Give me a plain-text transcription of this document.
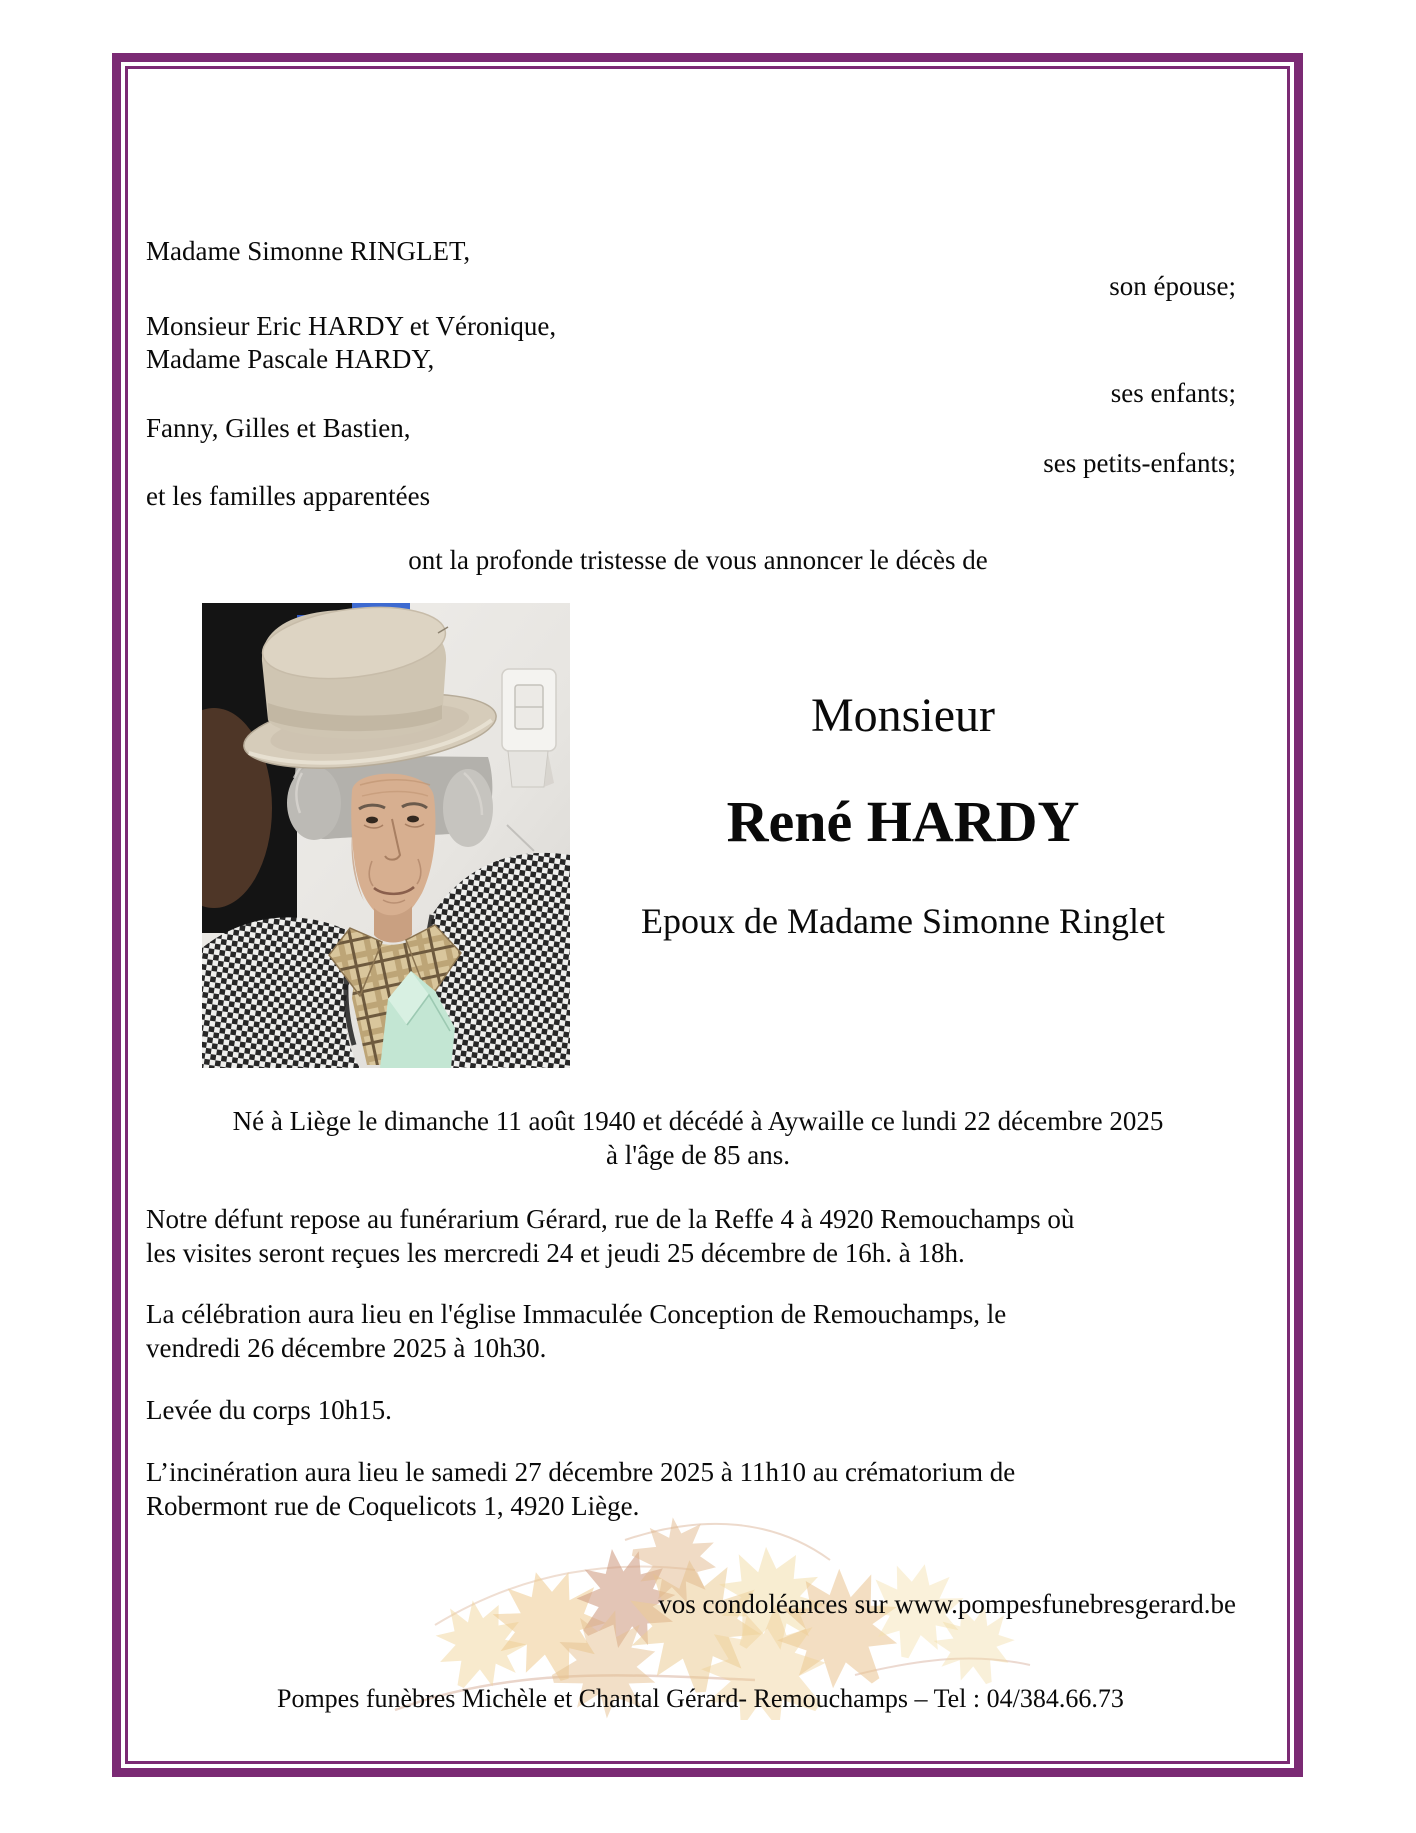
Madame Simonne RINGLET,
son épouse;
Monsieur Eric HARDY et Véronique,
Madame Pascale HARDY,
ses enfants;
Fanny, Gilles et Bastien,
ses petits-enfants;
et les familles apparentées
ont la profonde tristesse de vous annoncer le décès de
Monsieur
René HARDY
Epoux de Madame Simonne Ringlet
Né à Liège le dimanche 11 août 1940 et décédé à Aywaille ce lundi 22 décembre 2025
à l'âge de 85 ans.
Notre défunt repose au funérarium Gérard, rue de la Reffe 4 à 4920 Remouchamps où
les visites seront reçues les mercredi 24 et jeudi 25 décembre de 16h. à 18h.
La célébration aura lieu en l'église Immaculée Conception de Remouchamps, le
vendredi 26 décembre 2025 à 10h30.
Levée du corps 10h15.
L’incinération aura lieu le samedi 27 décembre 2025 à 11h10 au crématorium de
Robermont rue de Coquelicots 1, 4920 Liège.
vos condoléances sur www.pompesfunebresgerard.be
Pompes funèbres Michèle et Chantal Gérard- Remouchamps – Tel : 04/384.66.73
